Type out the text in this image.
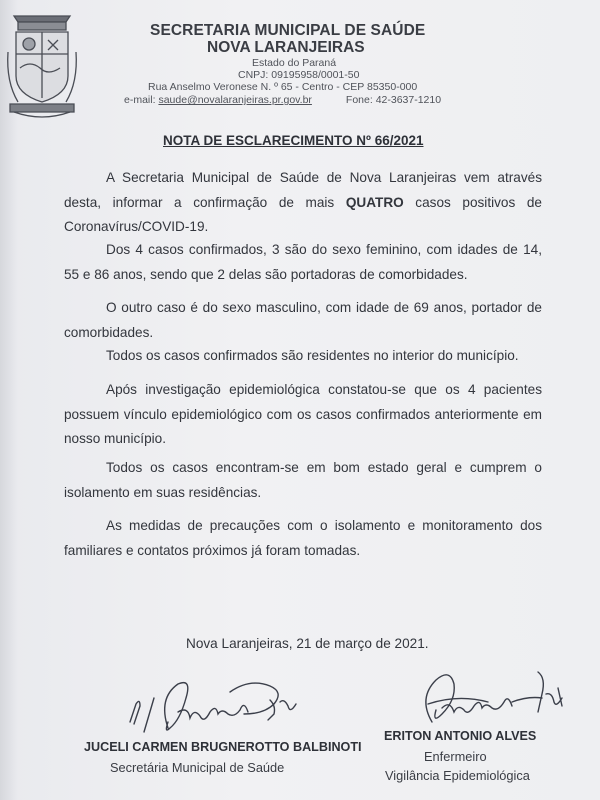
SECRETARIA MUNICIPAL DE SAÚDE
NOVA LARANJEIRAS
Estado do Paraná
CNPJ: 09195958/0001-50
Rua Anselmo Veronese N. º 65 - Centro - CEP 85350-000
e-mail: saude@novalaranjeiras.pr.gov.br	Fone: 42-3637-1210
NOTA DE ESCLARECIMENTO Nº 66/2021
A Secretaria Municipal de Saúde de Nova Laranjeiras vem através desta, informar a confirmação de mais QUATRO casos positivos de Coronavírus/COVID-19.
Dos 4 casos confirmados, 3 são do sexo feminino, com idades de 14, 55 e 86 anos, sendo que 2 delas são portadoras de comorbidades.
O outro caso é do sexo masculino, com idade de 69 anos, portador de comorbidades.
Todos os casos confirmados são residentes no interior do município.
Após investigação epidemiológica constatou-se que os 4 pacientes possuem vínculo epidemiológico com os casos confirmados anteriormente em nosso município.
Todos os casos encontram-se em bom estado geral e cumprem o isolamento em suas residências.
As medidas de precauções com o isolamento e monitoramento dos familiares e contatos próximos já foram tomadas.
Nova Laranjeiras, 21 de março de 2021.
JUCELI CARMEN BRUGNEROTTO BALBINOTI
Secretária Municipal de Saúde
ERITON ANTONIO ALVES
Enfermeiro
Vigilância Epidemiológica
